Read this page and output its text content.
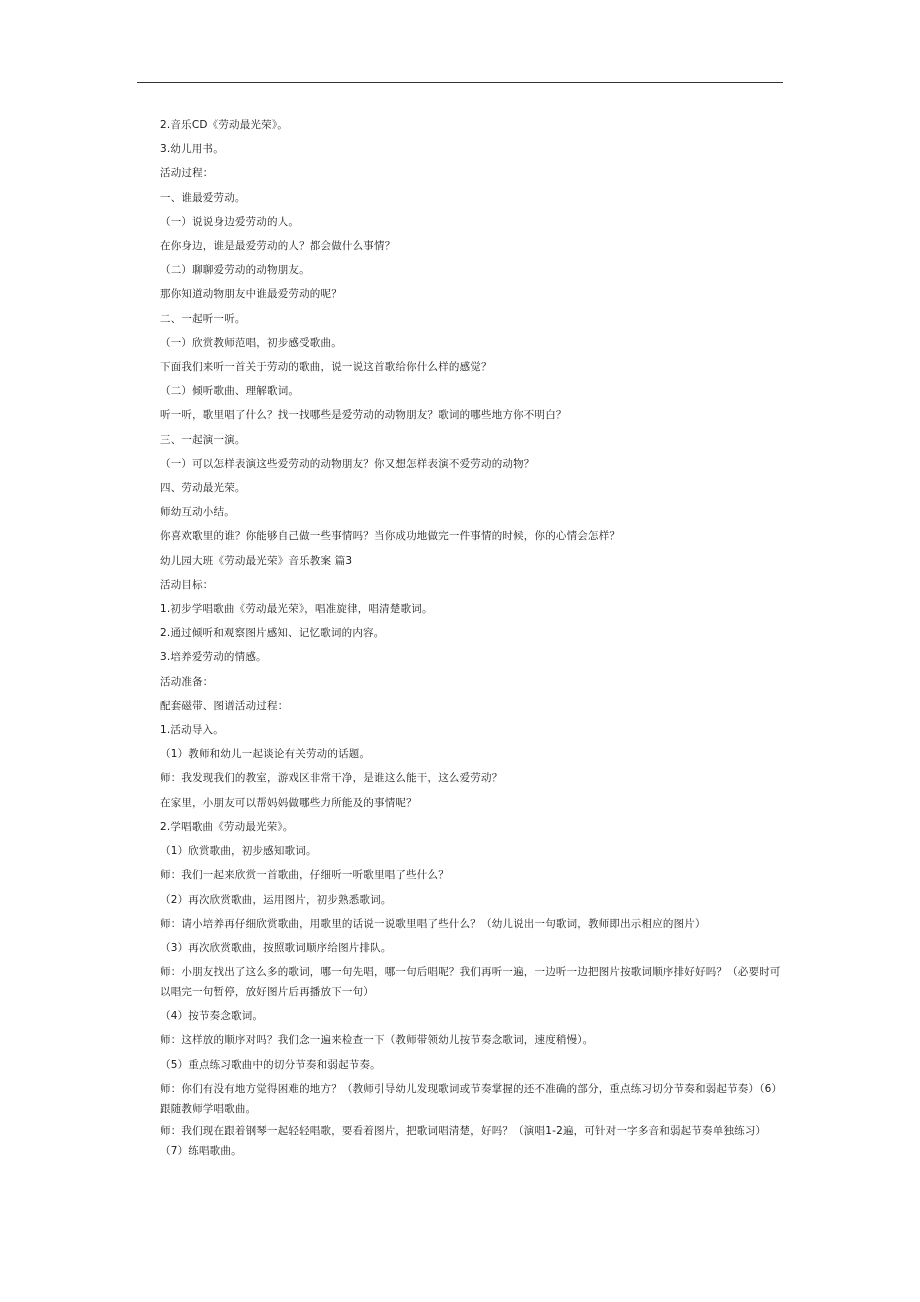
2.音乐CD《劳动最光荣》。

3.幼儿用书。

活动过程：

一、谁最爱劳动。

（一）说说身边爱劳动的人。

在你身边，谁是最爱劳动的人？都会做什么事情？

（二）聊聊爱劳动的动物朋友。

那你知道动物朋友中谁最爱劳动的呢？

二、一起听一听。

（一）欣赏教师范唱，初步感受歌曲。

下面我们来听一首关于劳动的歌曲，说一说这首歌给你什么样的感觉？

（二）倾听歌曲、理解歌词。

听一听，歌里唱了什么？找一找哪些是爱劳动的动物朋友？歌词的哪些地方你不明白？

三、一起演一演。

（一）可以怎样表演这些爱劳动的动物朋友？你又想怎样表演不爱劳动的动物？

四、劳动最光荣。

师幼互动小结。

你喜欢歌里的谁？你能够自己做一些事情吗？当你成功地做完一件事情的时候，你的心情会怎样？

幼儿园大班《劳动最光荣》音乐教案 篇3

活动目标：

1.初步学唱歌曲《劳动最光荣》，唱准旋律，唱清楚歌词。

2.通过倾听和观察图片感知、记忆歌词的内容。

3.培养爱劳动的情感。

活动准备：

配套磁带、图谱活动过程：

1.活动导入。

（1）教师和幼儿一起谈论有关劳动的话题。

师：我发现我们的教室，游戏区非常干净，是谁这么能干，这么爱劳动？

在家里，小朋友可以帮妈妈做哪些力所能及的事情呢？

2.学唱歌曲《劳动最光荣》。

（1）欣赏歌曲，初步感知歌词。

师：我们一起来欣赏一首歌曲，仔细听一听歌里唱了些什么？

（2）再次欣赏歌曲，运用图片，初步熟悉歌词。

师：请小培养再仔细欣赏歌曲，用歌里的话说一说歌里唱了些什么？（幼儿说出一句歌词，教师即出示相应的图片）

（3）再次欣赏歌曲，按照歌词顺序给图片排队。

师：小朋友找出了这么多的歌词，哪一句先唱，哪一句后唱呢？我们再听一遍，一边听一边把图片按歌词顺序排好好吗？（必要时可以唱完一句暂停，放好图片后再播放下一句）

（4）按节奏念歌词。

师：这样放的顺序对吗？我们念一遍来检查一下（教师带领幼儿按节奏念歌词，速度稍慢）。

（5）重点练习歌曲中的切分节奏和弱起节奏。

师：你们有没有地方觉得困难的地方？（教师引导幼儿发现歌词或节奏掌握的还不准确的部分，重点练习切分节奏和弱起节奏）（6）跟随教师学唱歌曲。

师：我们现在跟着钢琴一起轻轻唱歌，要看着图片，把歌词唱清楚，好吗？（演唱1-2遍，可针对一字多音和弱起节奏单独练习）（7）练唱歌曲。
